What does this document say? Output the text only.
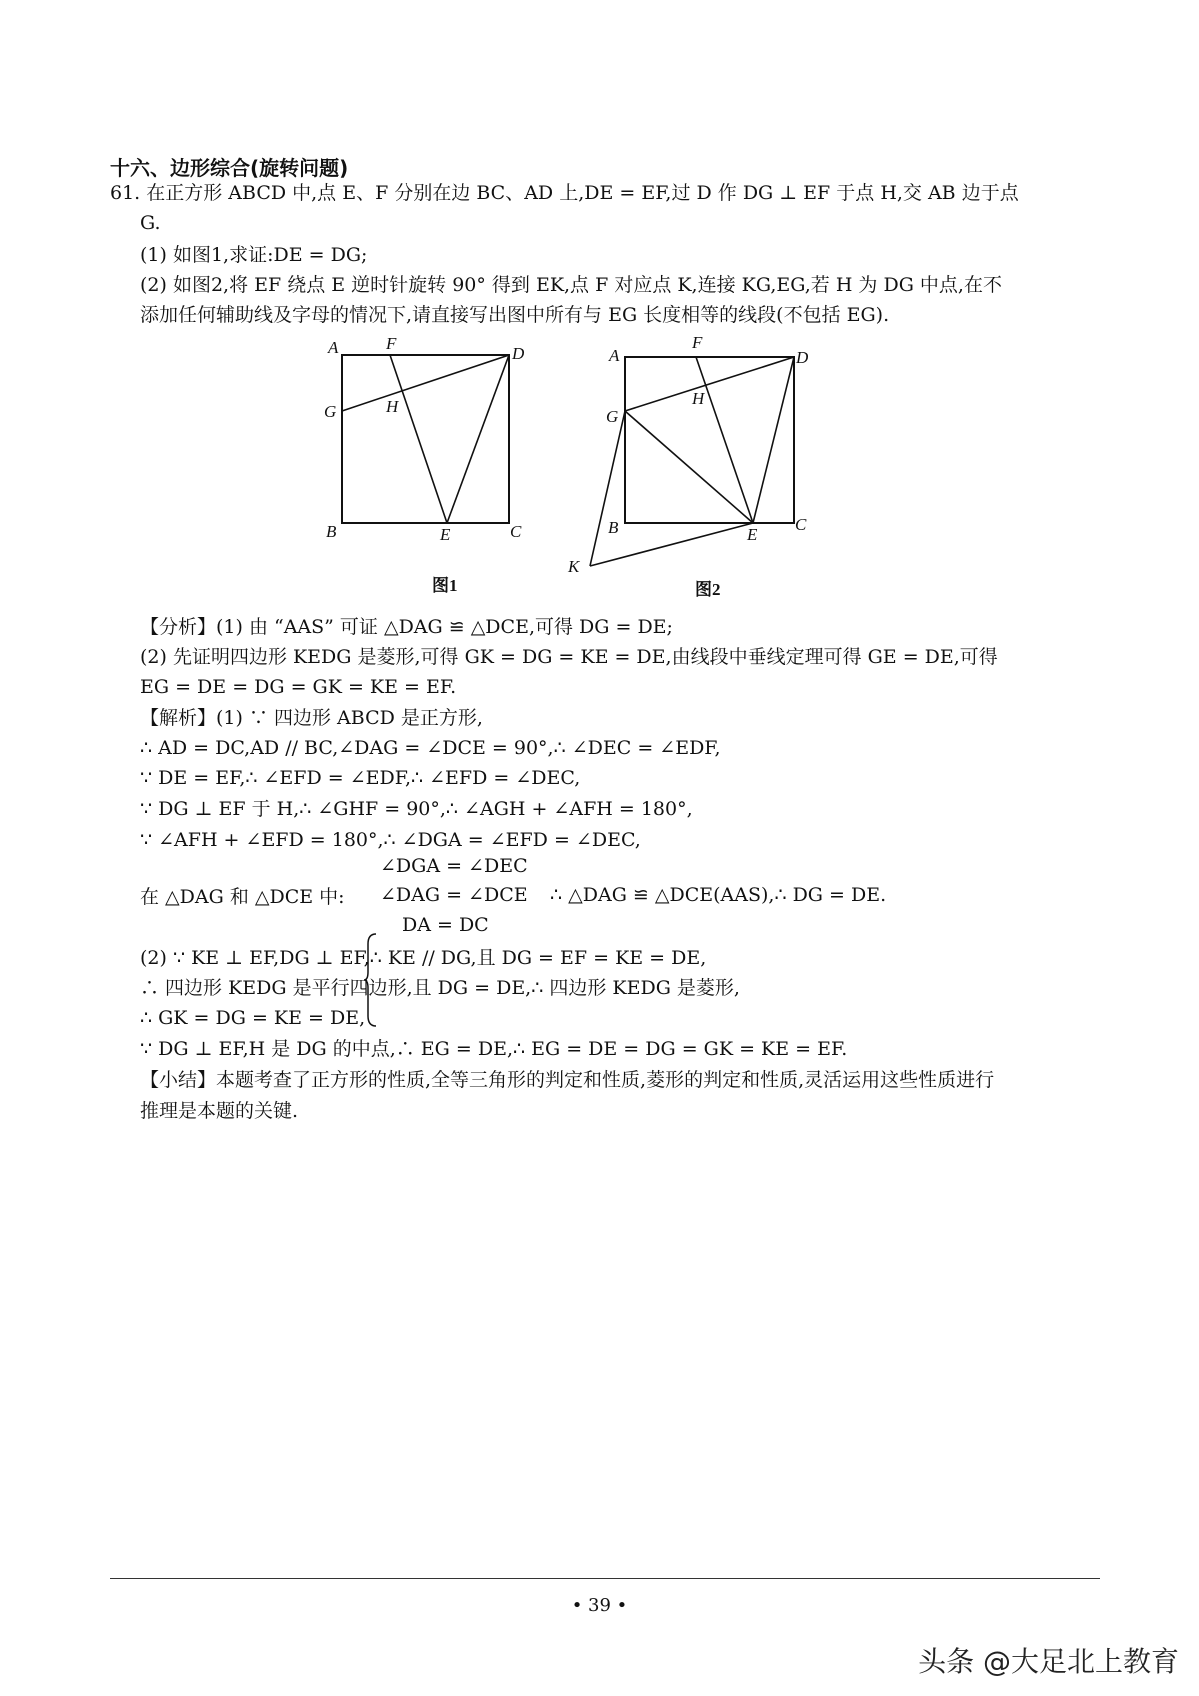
十六、边形综合(旋转问题)
61. 在正方形 ABCD 中,点 E、F 分别在边 BC、AD 上,DE = EF,过 D 作 DG ⊥ EF 于点 H,交 AB 边于点
G.
(1) 如图1,求证:DE = DG;
(2) 如图2,将 EF 绕点 E 逆时针旋转 90° 得到 EK,点 F 对应点 K,连接 KG,EG,若 H 为 DG 中点,在不
添加任何辅助线及字母的情况下,请直接写出图中所有与 EG 长度相等的线段(不包括 EG).
A	F
D
G	H
B	E	C
图1
A
F
D
G
H
B	E
C
K
图2
【分析】(1) 由 “AAS” 可证 △DAG ≌ △DCE,可得 DG = DE;
(2) 先证明四边形 KEDG 是菱形,可得 GK = DG = KE = DE,由线段中垂线定理可得 GE = DE,可得
EG = DE = DG = GK = KE = EF.
【解析】(1) ∵ 四边形 ABCD 是正方形,
∴ AD = DC,AD // BC,∠DAG = ∠DCE = 90°,∴ ∠DEC = ∠EDF,
∵ DE = EF,∴ ∠EFD = ∠EDF,∴ ∠EFD = ∠DEC,
∵ DG ⊥ EF 于 H,∴ ∠GHF = 90°,∴ ∠AGH + ∠AFH = 180°,
∵ ∠AFH + ∠EFD = 180°,∴ ∠DGA = ∠EFD = ∠DEC,
在 △DAG 和 △DCE 中:
∠DGA = ∠DEC
∠DAG = ∠DCE
DA = DC
∴ △DAG ≌ △DCE(AAS),∴ DG = DE.
(2) ∵ KE ⊥ EF,DG ⊥ EF,∴ KE // DG,且 DG = EF = KE = DE,
∴ 四边形 KEDG 是平行四边形,且 DG = DE,∴ 四边形 KEDG 是菱形,
∴ GK = DG = KE = DE,
∵ DG ⊥ EF,H 是 DG 的中点,∴ EG = DE,∴ EG = DE = DG = GK = KE = EF.
【小结】本题考查了正方形的性质,全等三角形的判定和性质,菱形的判定和性质,灵活运用这些性质进行
推理是本题的关键.
• 39 •
头条 @大足北上教育
